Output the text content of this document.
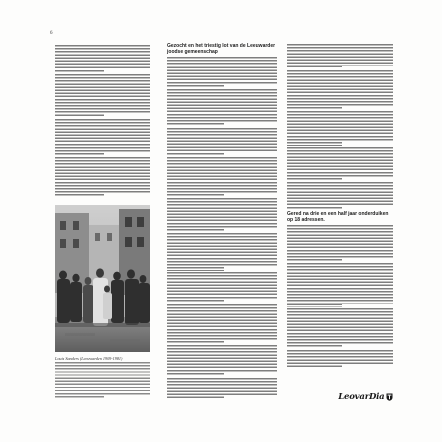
6
Louis Sanders (Leeuwarden 1909-1981)
Gezocht en het triestig lot van de Leeuwarder joodse gemeenschap
Gered na drie en een half jaar onderduiken op 18 adressen.
LeovarDia
